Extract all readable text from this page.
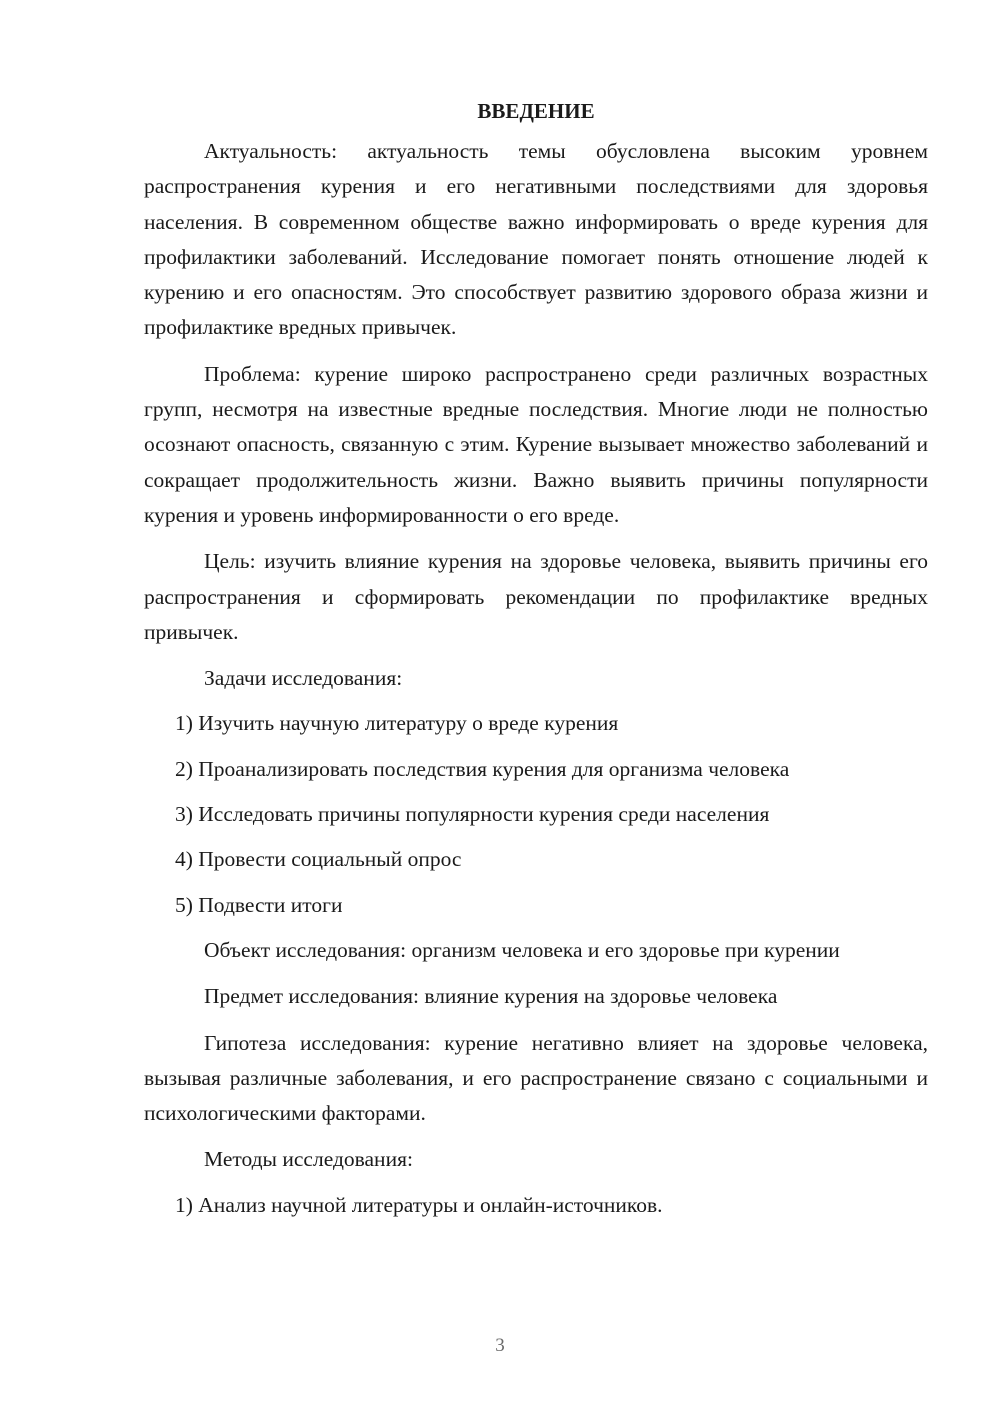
ВВЕДЕНИЕ

Актуальность: актуальность темы обусловлена высоким уровнем распространения курения и его негативными последствиями для здоровья населения. В современном обществе важно информировать о вреде курения для профилактики заболеваний. Исследование помогает понять отношение людей к курению и его опасностям. Это способствует развитию здорового образа жизни и профилактике вредных привычек.

Проблема: курение широко распространено среди различных возрастных групп, несмотря на известные вредные последствия. Многие люди не полностью осознают опасность, связанную с этим. Курение вызывает множество заболеваний и сокращает продолжительность жизни. Важно выявить причины популярности курения и уровень информированности о его вреде.

Цель: изучить влияние курения на здоровье человека, выявить причины его распространения и сформировать рекомендации по профилактике вредных привычек.

Задачи исследования:

1) Изучить научную литературу о вреде курения

2) Проанализировать последствия курения для организма человека

3) Исследовать причины популярности курения среди населения

4) Провести социальный опрос

5) Подвести итоги

Объект исследования: организм человека и его здоровье при курении

Предмет исследования: влияние курения на здоровье человека

Гипотеза исследования: курение негативно влияет на здоровье человека, вызывая различные заболевания, и его распространение связано с социальными и психологическими факторами.

Методы исследования:

1) Анализ научной литературы и онлайн-источников.

3
